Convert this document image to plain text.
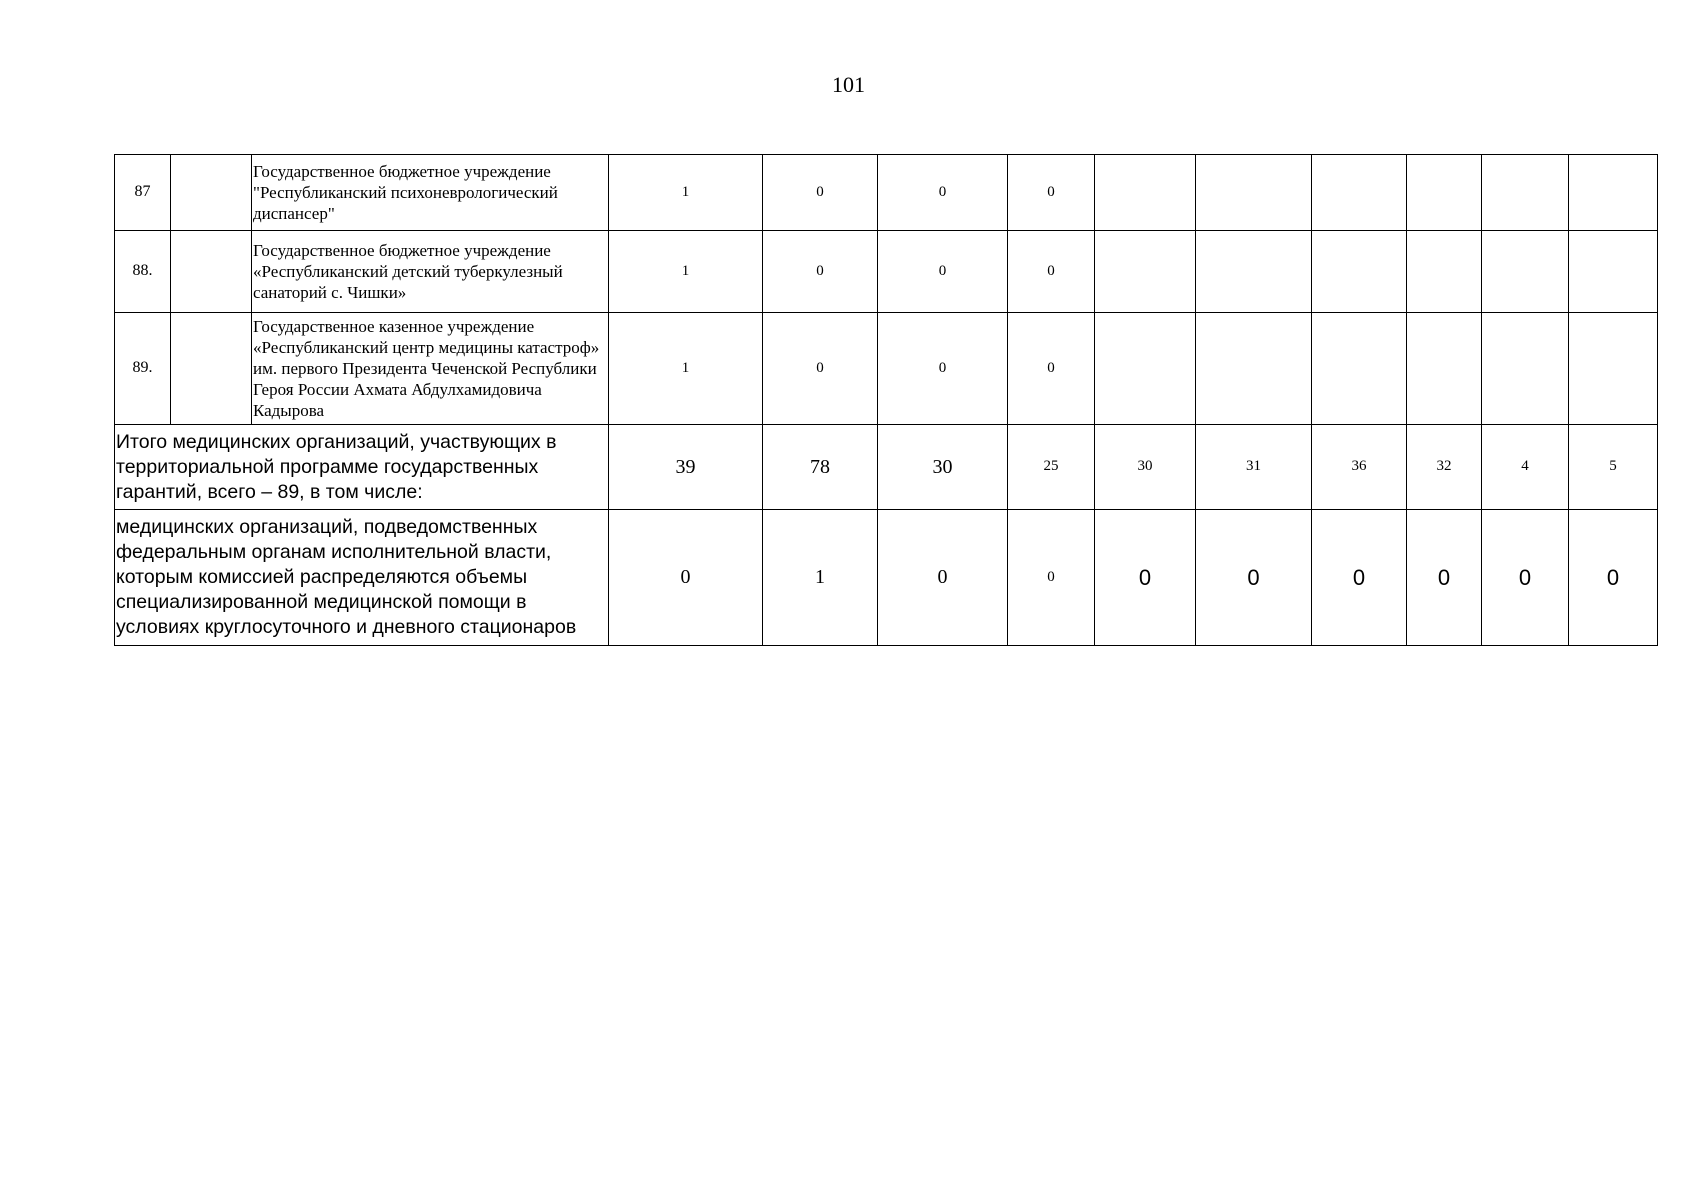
101
87		Государственное бюджетное учреждение "Республиканский психоневрологический диспансер"	1	0	0	0						
88.		Государственное бюджетное учреждение «Республиканский детский туберкулезный санаторий с. Чишки»	1	0	0	0						
89.		Государственное казенное учреждение «Республиканский центр медицины катастроф» им. первого Президента Чеченской Республики Героя России Ахмата Абдулхамидовича Кадырова	1	0	0	0						
Итого медицинских организаций, участвующих в территориальной программе государственных гарантий, всего – 89, в том числе:			39	78	30	25	30	31	36	32	4	5
медицинских организаций, подведомственных федеральным органам исполнительной власти, которым комиссией распределяются объемы специализированной медицинской помощи в условиях круглосуточного и дневного стационаров			0	1	0	0	0	0	0	0	0	0
